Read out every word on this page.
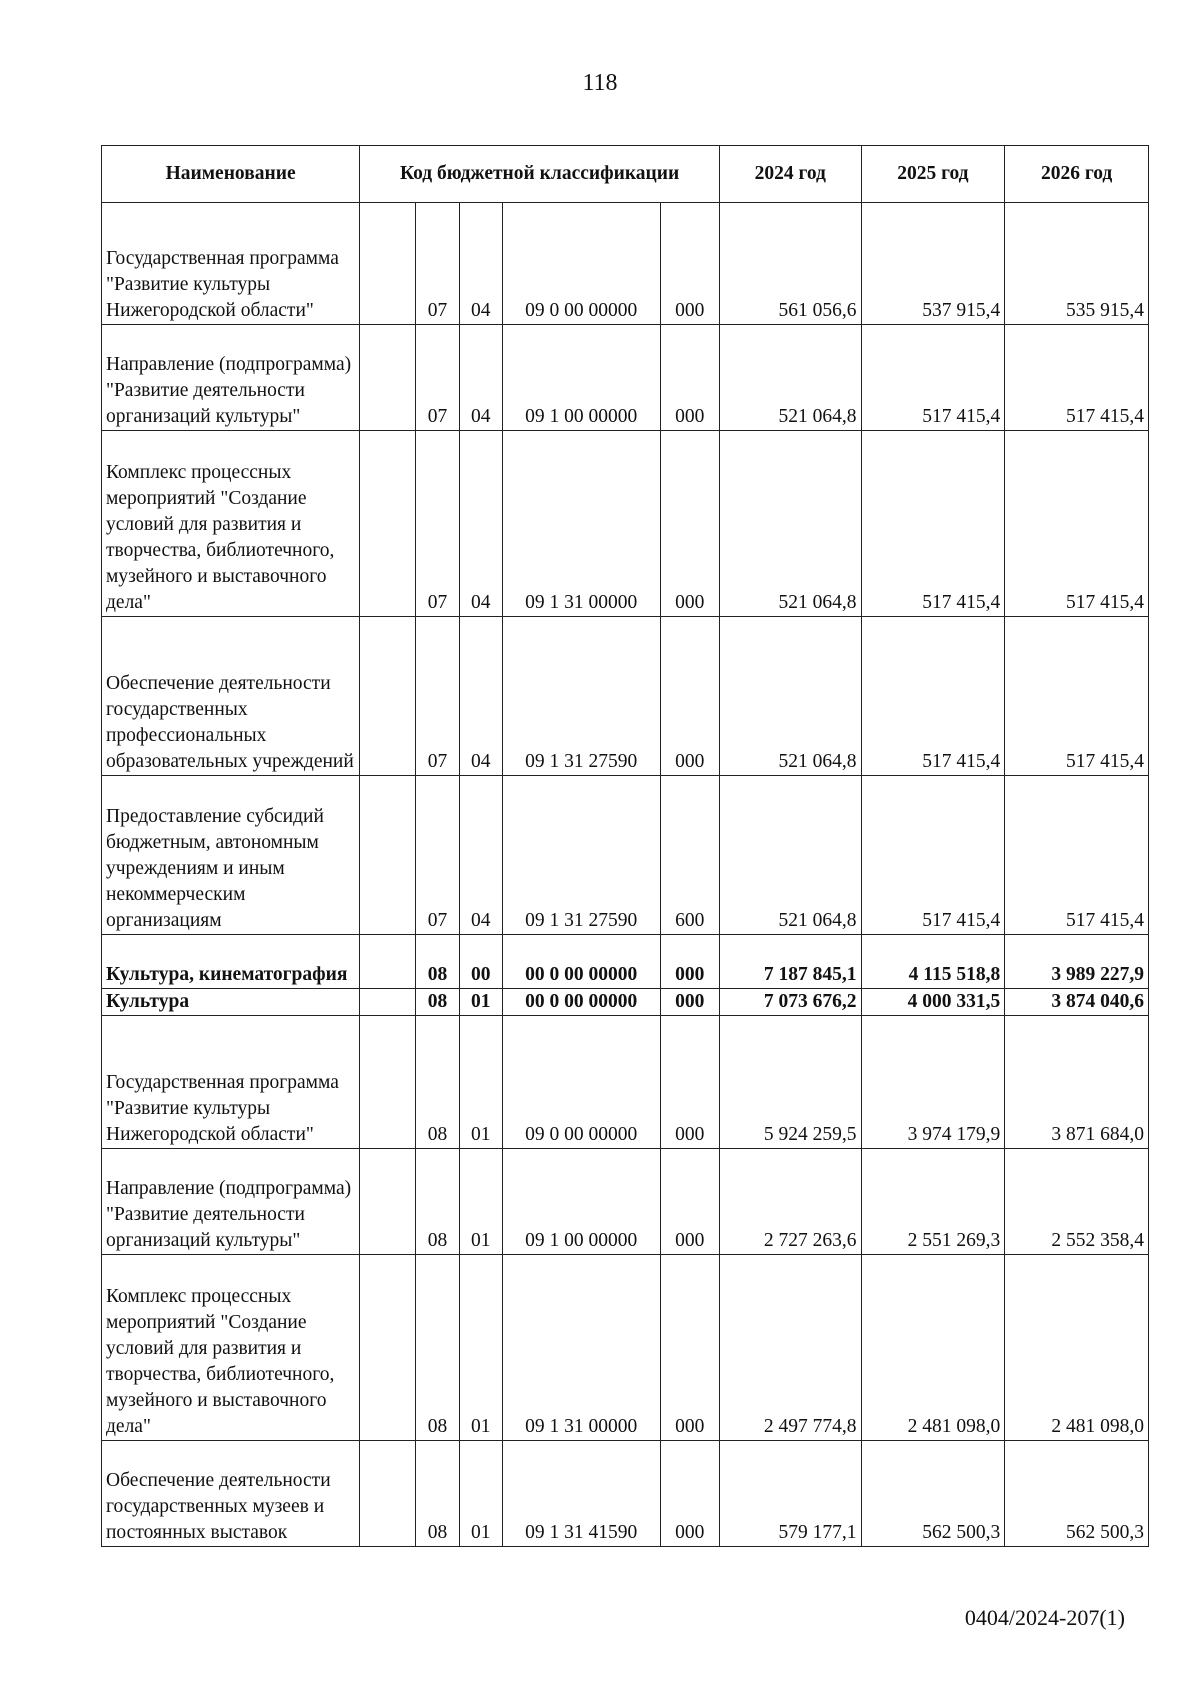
118
Наименование	Код бюджетной классификации					2024 год	2025 год	2026 год
Государственная программа "Развитие культуры Нижегородской области"		07	04	09 0 00 00000	000	561 056,6	537 915,4	535 915,4
Направление (подпрограмма) "Развитие деятельности организаций культуры"		07	04	09 1 00 00000	000	521 064,8	517 415,4	517 415,4
Комплекс процессных мероприятий "Создание условий для развития и творчества, библиотечного, музейного и выставочного дела"		07	04	09 1 31 00000	000	521 064,8	517 415,4	517 415,4
Обеспечение деятельности государственных профессиональных образовательных учреждений		07	04	09 1 31 27590	000	521 064,8	517 415,4	517 415,4
Предоставление субсидий бюджетным, автономным учреждениям и иным некоммерческим организациям		07	04	09 1 31 27590	600	521 064,8	517 415,4	517 415,4
Культура, кинематография		08	00	00 0 00 00000	000	7 187 845,1	4 115 518,8	3 989 227,9
Культура		08	01	00 0 00 00000	000	7 073 676,2	4 000 331,5	3 874 040,6
Государственная программа "Развитие культуры Нижегородской области"		08	01	09 0 00 00000	000	5 924 259,5	3 974 179,9	3 871 684,0
Направление (подпрограмма) "Развитие деятельности организаций культуры"		08	01	09 1 00 00000	000	2 727 263,6	2 551 269,3	2 552 358,4
Комплекс процессных мероприятий "Создание условий для развития и творчества, библиотечного, музейного и выставочного дела"		08	01	09 1 31 00000	000	2 497 774,8	2 481 098,0	2 481 098,0
Обеспечение деятельности государственных музеев и постоянных выставок		08	01	09 1 31 41590	000	579 177,1	562 500,3	562 500,3
0404/2024-207(1)
